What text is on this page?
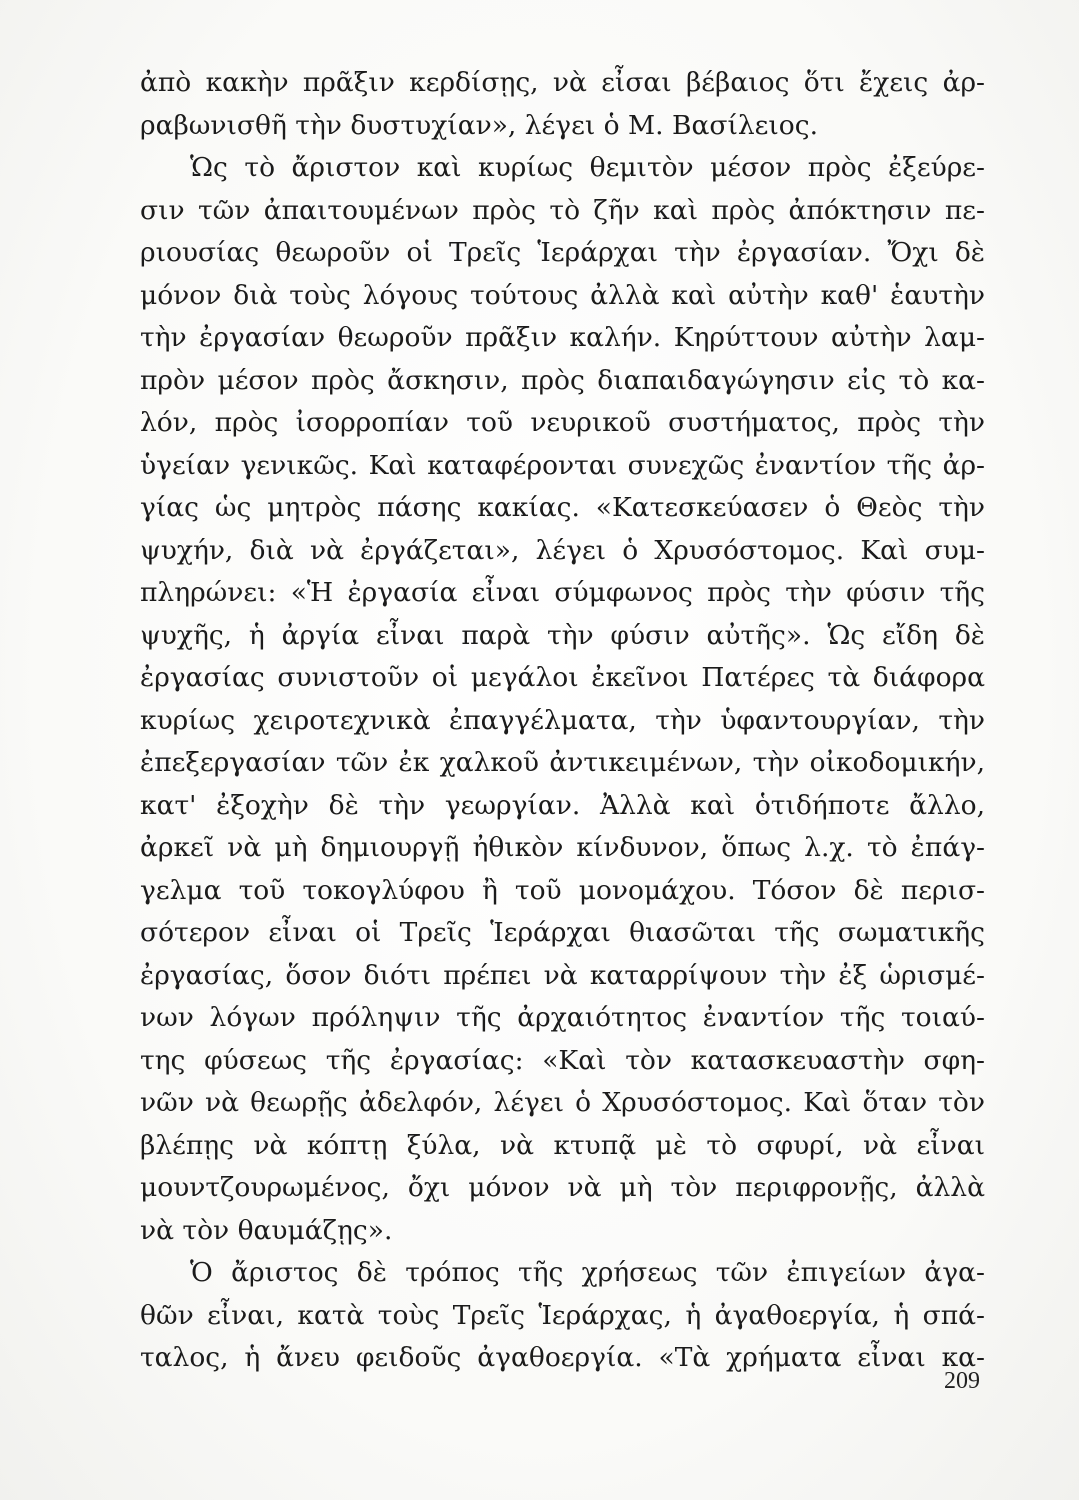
ἀπὸ κακὴν πρᾶξιν κερδίσῃς, νὰ εἶσαι βέβαιος ὅτι ἔχεις ἀρ-
ραβωνισθῆ τὴν δυστυχίαν», λέγει ὁ Μ. Βασίλειος.
Ὡς τὸ ἄριστον καὶ κυρίως θεμιτὸν μέσον πρὸς ἐξεύρε-
σιν τῶν ἀπαιτουμένων πρὸς τὸ ζῆν καὶ πρὸς ἀπόκτησιν πε-
ριουσίας θεωροῦν οἱ Τρεῖς Ἱεράρχαι τὴν ἐργασίαν. Ὄχι δὲ
μόνον διὰ τοὺς λόγους τούτους ἀλλὰ καὶ αὐτὴν καθ' ἑαυτὴν
τὴν ἐργασίαν θεωροῦν πρᾶξιν καλήν. Κηρύττουν αὐτὴν λαμ-
πρὸν μέσον πρὸς ἄσκησιν, πρὸς διαπαιδαγώγησιν εἰς τὸ κα-
λόν, πρὸς ἰσορροπίαν τοῦ νευρικοῦ συστήματος, πρὸς τὴν
ὑγείαν γενικῶς. Καὶ καταφέρονται συνεχῶς ἐναντίον τῆς ἀρ-
γίας ὡς μητρὸς πάσης κακίας. «Κατεσκεύασεν ὁ Θεὸς τὴν
ψυχήν, διὰ νὰ ἐργάζεται», λέγει ὁ Χρυσόστομος. Καὶ συμ-
πληρώνει: «Ἡ ἐργασία εἶναι σύμφωνος πρὸς τὴν φύσιν τῆς
ψυχῆς, ἡ ἀργία εἶναι παρὰ τὴν φύσιν αὐτῆς». Ὡς εἴδη δὲ
ἐργασίας συνιστοῦν οἱ μεγάλοι ἐκεῖνοι Πατέρες τὰ διάφορα
κυρίως χειροτεχνικὰ ἐπαγγέλματα, τὴν ὑφαντουργίαν, τὴν
ἐπεξεργασίαν τῶν ἐκ χαλκοῦ ἀντικειμένων, τὴν οἰκοδομικήν,
κατ' ἐξοχὴν δὲ τὴν γεωργίαν. Ἀλλὰ καὶ ὁτιδήποτε ἄλλο,
ἀρκεῖ νὰ μὴ δημιουργῇ ἠθικὸν κίνδυνον, ὅπως λ.χ. τὸ ἐπάγ-
γελμα τοῦ τοκογλύφου ἢ τοῦ μονομάχου. Τόσον δὲ περισ-
σότερον εἶναι οἱ Τρεῖς Ἱεράρχαι θιασῶται τῆς σωματικῆς
ἐργασίας, ὅσον διότι πρέπει νὰ καταρρίψουν τὴν ἐξ ὡρισμέ-
νων λόγων πρόληψιν τῆς ἀρχαιότητος ἐναντίον τῆς τοιαύ-
της φύσεως τῆς ἐργασίας: «Καὶ τὸν κατασκευαστὴν σφη-
νῶν νὰ θεωρῇς ἀδελφόν, λέγει ὁ Χρυσόστομος. Καὶ ὅταν τὸν
βλέπῃς νὰ κόπτῃ ξύλα, νὰ κτυπᾷ μὲ τὸ σφυρί, νὰ εἶναι
μουντζουρωμένος, ὄχι μόνον νὰ μὴ τὸν περιφρονῇς, ἀλλὰ
νὰ τὸν θαυμάζῃς».
Ὁ ἄριστος δὲ τρόπος τῆς χρήσεως τῶν ἐπιγείων ἀγα-
θῶν εἶναι, κατὰ τοὺς Τρεῖς Ἱεράρχας, ἡ ἀγαθοεργία, ἡ σπά-
ταλος, ἡ ἄνευ φειδοῦς ἀγαθοεργία. «Τὰ χρήματα εἶναι κα-
209
